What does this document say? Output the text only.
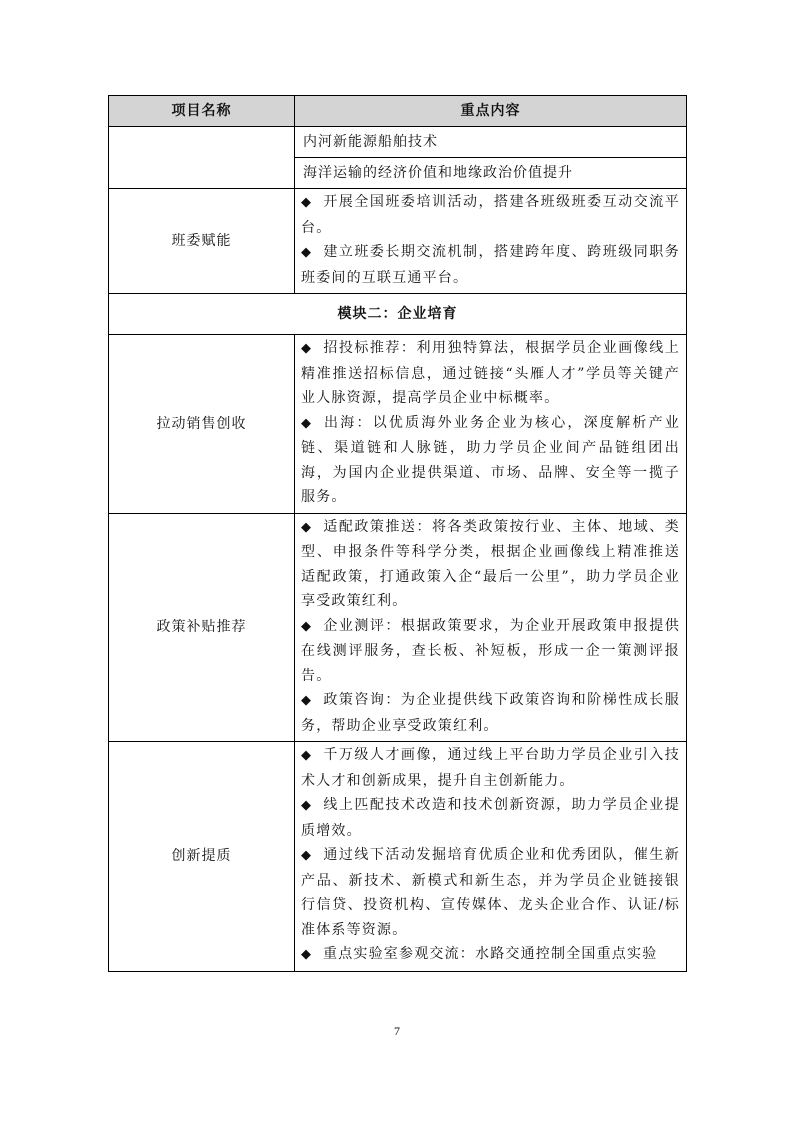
项目名称	重点内容
	内河新能源船舶技术
	海洋运输的经济价值和地缘政治价值提升
班委赋能	◆ 开展全国班委培训活动，搭建各班级班委互动交流平台。

◆ 建立班委长期交流机制，搭建跨年度、跨班级同职务班委间的互联互通平台。

模块二：企业培育	
拉动销售创收	◆ 招投标推荐：利用独特算法，根据学员企业画像线上精准推送招标信息，通过链接“头雁人才”学员等关键产业人脉资源，提高学员企业中标概率。

◆ 出海：以优质海外业务企业为核心，深度解析产业链、渠道链和人脉链，助力学员企业间产品链组团出海，为国内企业提供渠道、市场、品牌、安全等一揽子服务。

政策补贴推荐	◆ 适配政策推送：将各类政策按行业、主体、地域、类型、申报条件等科学分类，根据企业画像线上精准推送适配政策，打通政策入企“最后一公里”，助力学员企业享受政策红利。

◆ 企业测评：根据政策要求，为企业开展政策申报提供在线测评服务，查长板、补短板，形成一企一策测评报告。

◆ 政策咨询：为企业提供线下政策咨询和阶梯性成长服务，帮助企业享受政策红利。

创新提质	◆ 千万级人才画像，通过线上平台助力学员企业引入技术人才和创新成果，提升自主创新能力。

◆ 线上匹配技术改造和技术创新资源，助力学员企业提质增效。

◆ 通过线下活动发掘培育优质企业和优秀团队，催生新产品、新技术、新模式和新生态，并为学员企业链接银行信贷、投资机构、宣传媒体、龙头企业合作、认证/标准体系等资源。

◆ 重点实验室参观交流：水路交通控制全国重点实验

7
